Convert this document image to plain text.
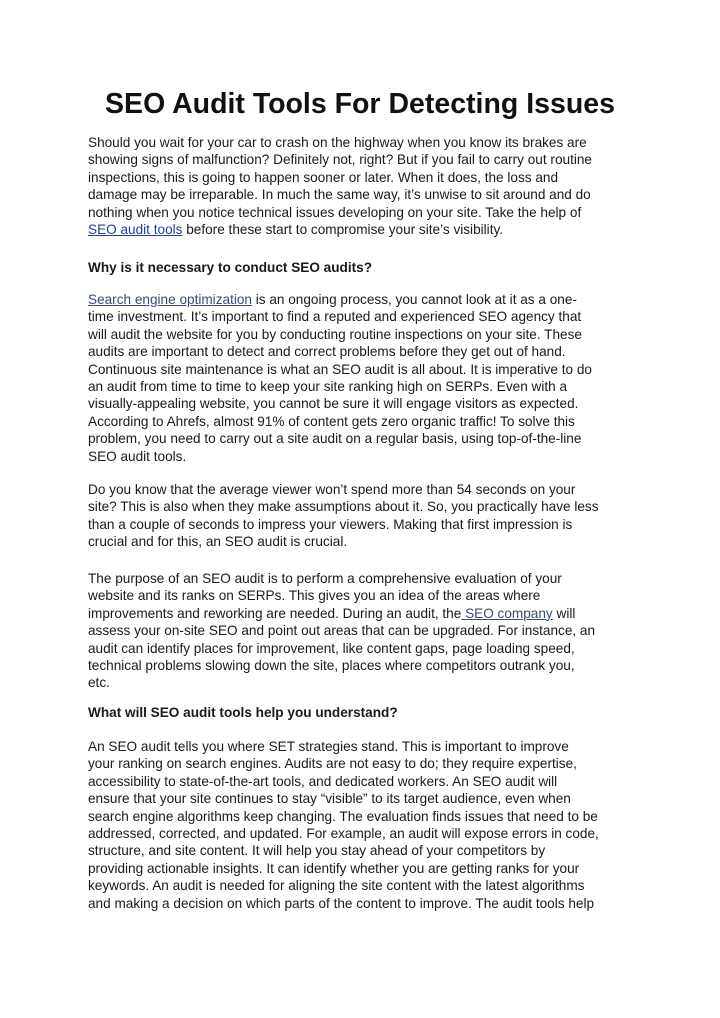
SEO Audit Tools For Detecting Issues
Should you wait for your car to crash on the highway when you know its brakes are
showing signs of malfunction? Definitely not, right? But if you fail to carry out routine
inspections, this is going to happen sooner or later. When it does, the loss and
damage may be irreparable. In much the same way, it’s unwise to sit around and do
nothing when you notice technical issues developing on your site. Take the help of
SEO audit tools before these start to compromise your site’s visibility.
Why is it necessary to conduct SEO audits?
Search engine optimization is an ongoing process, you cannot look at it as a one-
time investment. It’s important to find a reputed and experienced SEO agency that
will audit the website for you by conducting routine inspections on your site. These
audits are important to detect and correct problems before they get out of hand.
Continuous site maintenance is what an SEO audit is all about. It is imperative to do
an audit from time to time to keep your site ranking high on SERPs. Even with a
visually-appealing website, you cannot be sure it will engage visitors as expected.
According to Ahrefs, almost 91% of content gets zero organic traffic! To solve this
problem, you need to carry out a site audit on a regular basis, using top-of-the-line
SEO audit tools.
Do you know that the average viewer won’t spend more than 54 seconds on your
site? This is also when they make assumptions about it. So, you practically have less
than a couple of seconds to impress your viewers. Making that first impression is
crucial and for this, an SEO audit is crucial.
The purpose of an SEO audit is to perform a comprehensive evaluation of your
website and its ranks on SERPs. This gives you an idea of the areas where
improvements and reworking are needed. During an audit, the SEO company will
assess your on-site SEO and point out areas that can be upgraded. For instance, an
audit can identify places for improvement, like content gaps, page loading speed,
technical problems slowing down the site, places where competitors outrank you,
etc.
What will SEO audit tools help you understand?
An SEO audit tells you where SET strategies stand. This is important to improve
your ranking on search engines. Audits are not easy to do; they require expertise,
accessibility to state-of-the-art tools, and dedicated workers. An SEO audit will
ensure that your site continues to stay “visible” to its target audience, even when
search engine algorithms keep changing. The evaluation finds issues that need to be
addressed, corrected, and updated. For example, an audit will expose errors in code,
structure, and site content. It will help you stay ahead of your competitors by
providing actionable insights. It can identify whether you are getting ranks for your
keywords. An audit is needed for aligning the site content with the latest algorithms
and making a decision on which parts of the content to improve. The audit tools help
